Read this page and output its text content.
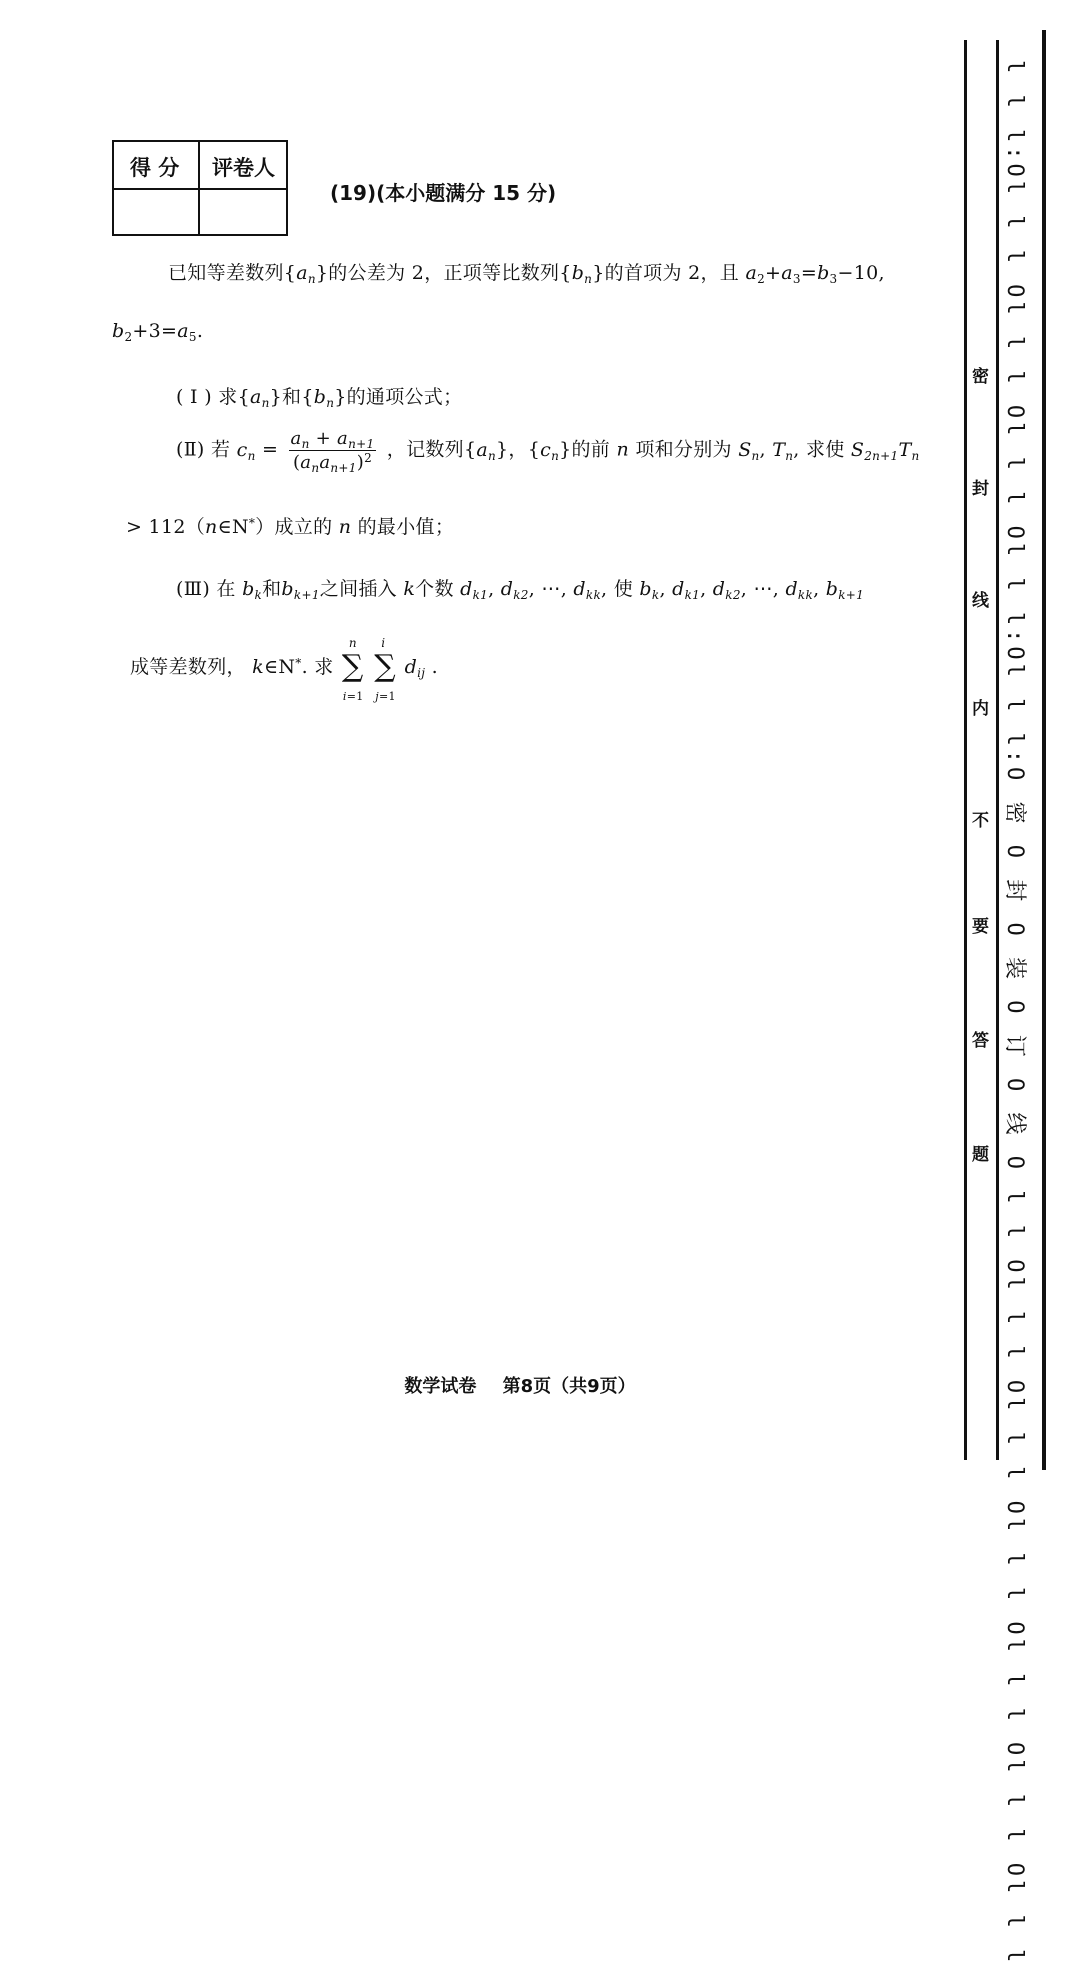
得 分 评卷人
(19)(本小题满分 15 分)
已知等差数列$\{a_n\}$的公差为 2，正项等比数列$\{b_n\}$的首项为 2，且 $a_2+a_3=b_3-10$,
$b_2+3=a_5$.
( I ) 求$\{a_n\}$和$\{b_n\}$的通项公式；
(Ⅱ) 若 $c_n = \frac{a_n + a_{n+1}}{(a_na_{n+1})^2}$ ，记数列$\{a_n\}$，$\{c_n\}$的前 n 项和分别为 $S_n$, $T_n$, 求使 $S_{2n+1}T_n$
> 112（n∈N*）成立的 n 的最小值；
(Ⅲ) 在 $b_k$和$b_{k+1}$之间插入 k个数 $d_{k1}$, $d_{k2}$, ⋯, $d_{kk}$, 使 $b_k$, $d_{k1}$, $d_{k2}$, ⋯, $d_{kk}$, $b_{k+1}$
成等差数列， k∈N*. 求
n
∑
i=1

i
∑
j=1
$d_{ij}$ .
密
封
线
内
不
要
答
题 l l l:Ol l l Ol l l Ol l l Ol l l:Ol l l:O 密 O 封 O 装 O 订 O 线 O l l Ol l l Ol l l Ol l l Ol l l Ol l l Ol l l
数学试卷 第8页（共9页）
